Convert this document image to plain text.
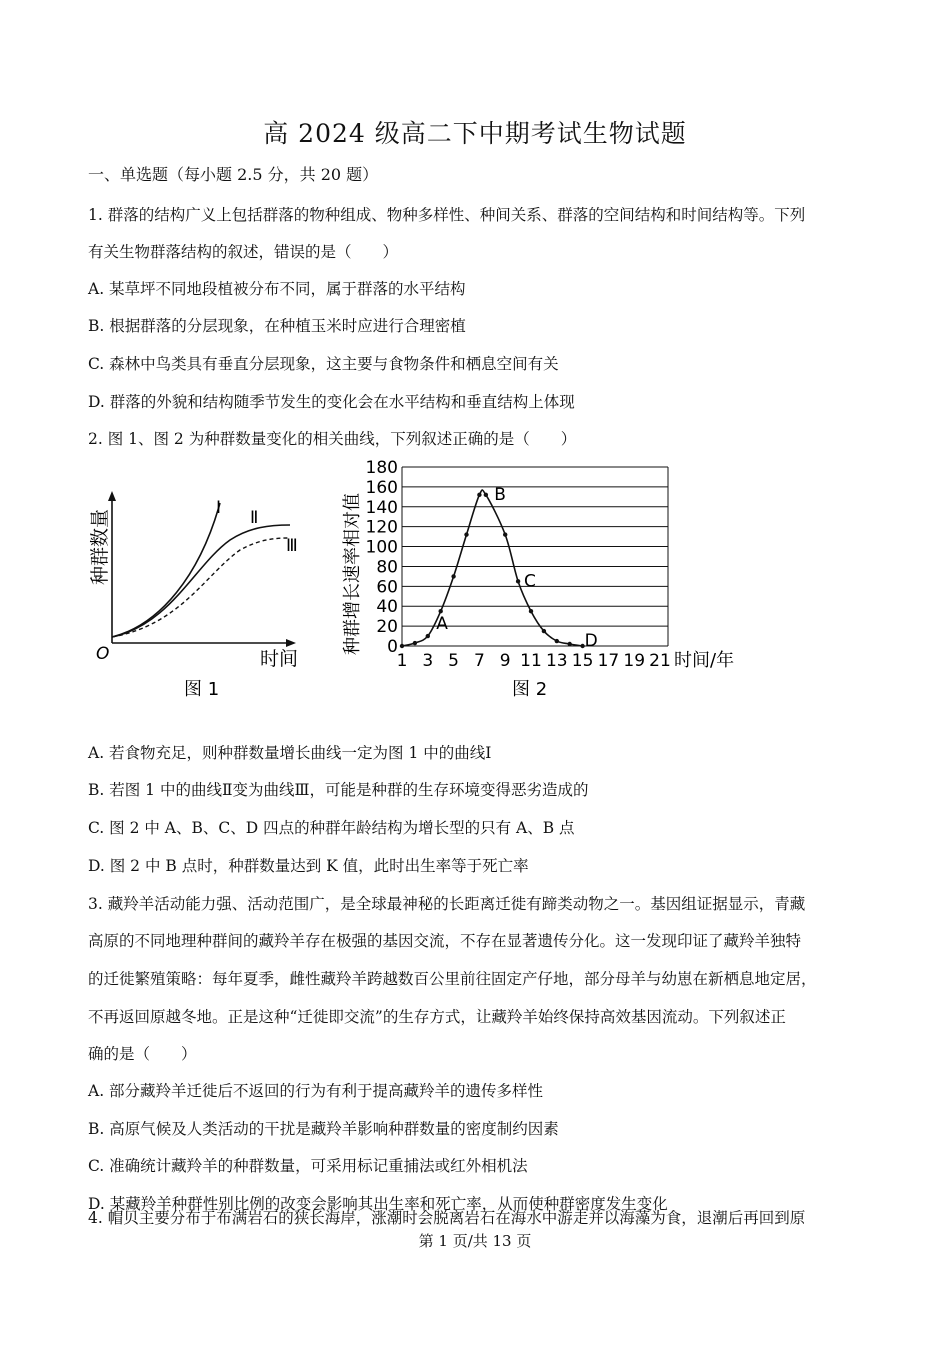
高 2024 级高二下中期考试生物试题
一、单选题（每小题 2.5 分，共 20 题）
1. 群落的结构广义上包括群落的物种组成、物种多样性、种间关系、群落的空间结构和时间结构等。下列
有关生物群落结构的叙述，错误的是（　　）
A. 某草坪不同地段植被分布不同，属于群落的水平结构
B. 根据群落的分层现象，在种植玉米时应进行合理密植
C. 森林中鸟类具有垂直分层现象，这主要与食物条件和栖息空间有关
D. 群落的外貌和结构随季节发生的变化会在水平结构和垂直结构上体现
2. 图 1、图 2 为种群数量变化的相关曲线，下列叙述正确的是（　　）
Ⅰ Ⅱ
Ⅲ
O	时间
种群数量
图 1
0
20
40
60
80
100
120
140
160
180
1 3 5 7 9 11 13 15 17 19 21
A
B
C
D
种群增长速率相对值
时间/年
图 2
A. 若食物充足，则种群数量增长曲线一定为图 1 中的曲线Ⅰ
B. 若图 1 中的曲线Ⅱ变为曲线Ⅲ，可能是种群的生存环境变得恶劣造成的
C. 图 2 中 A、B、C、D 四点的种群年龄结构为增长型的只有 A、B 点
D. 图 2 中 B 点时，种群数量达到 K 值，此时出生率等于死亡率
3. 藏羚羊活动能力强、活动范围广，是全球最神秘的长距离迁徙有蹄类动物之一。基因组证据显示，青藏
高原的不同地理种群间的藏羚羊存在极强的基因交流，不存在显著遗传分化。这一发现印证了藏羚羊独特
的迁徙繁殖策略：每年夏季，雌性藏羚羊跨越数百公里前往固定产仔地，部分母羊与幼崽在新栖息地定居，
不再返回原越冬地。正是这种“迁徙即交流”的生存方式，让藏羚羊始终保持高效基因流动。下列叙述正
确的是（　　）
A. 部分藏羚羊迁徙后不返回的行为有利于提高藏羚羊的遗传多样性
B. 高原气候及人类活动的干扰是藏羚羊影响种群数量的密度制约因素
C. 准确统计藏羚羊的种群数量，可采用标记重捕法或红外相机法
D. 某藏羚羊种群性别比例的改变会影响其出生率和死亡率，从而使种群密度发生变化
4. 帽贝主要分布于布满岩石的狭长海岸，涨潮时会脱离岩石在海水中游走并以海藻为食，退潮后再回到原
第 1 页/共 13 页
